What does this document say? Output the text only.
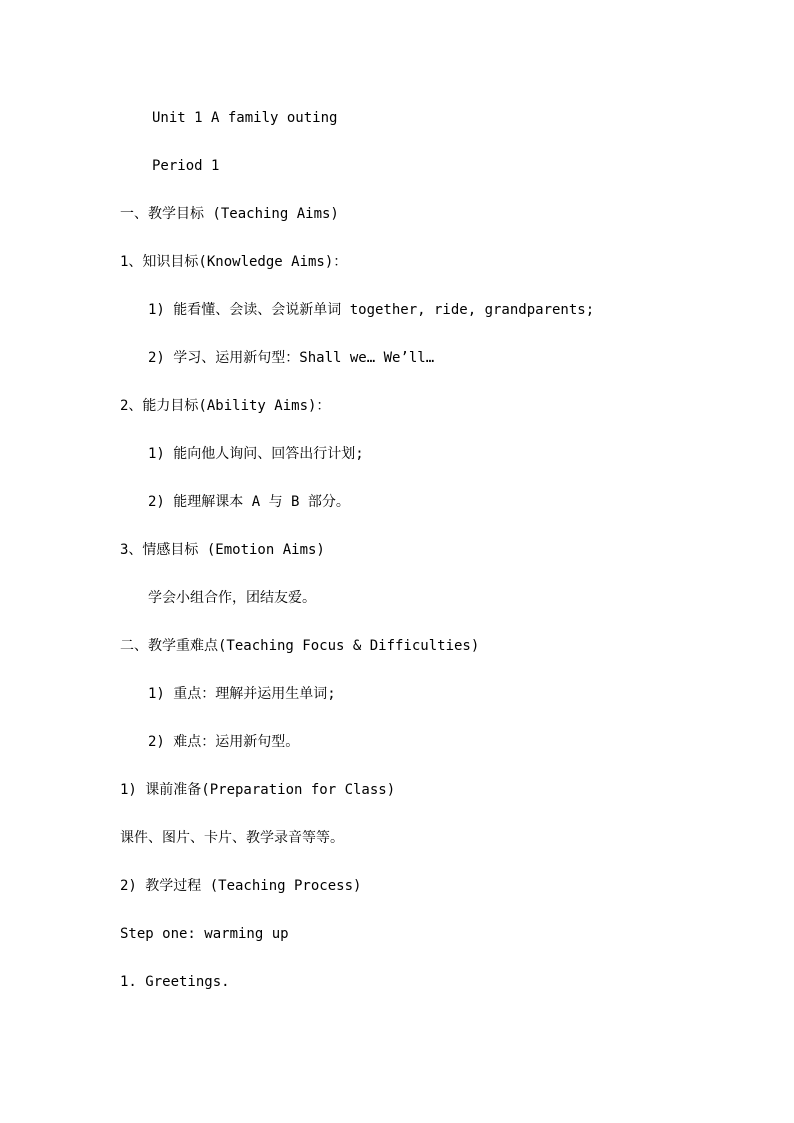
Unit 1 A family outing
Period 1
一、教学目标 (Teaching Aims)
1、知识目标(Knowledge Aims)：
1) 能看懂、会读、会说新单词 together, ride, grandparents;
2) 学习、运用新句型：Shall we… We’ll…
2、能力目标(Ability Aims)：
1) 能向他人询问、回答出行计划;
2) 能理解课本 A 与 B 部分。
3、情感目标 (Emotion Aims)
学会小组合作，团结友爱。
二、教学重难点(Teaching Focus & Difficulties)
1) 重点：理解并运用生单词;
2) 难点：运用新句型。
1) 课前准备(Preparation for Class)
课件、图片、卡片、教学录音等等。
2) 教学过程 (Teaching Process)
Step one: warming up
1. Greetings.
